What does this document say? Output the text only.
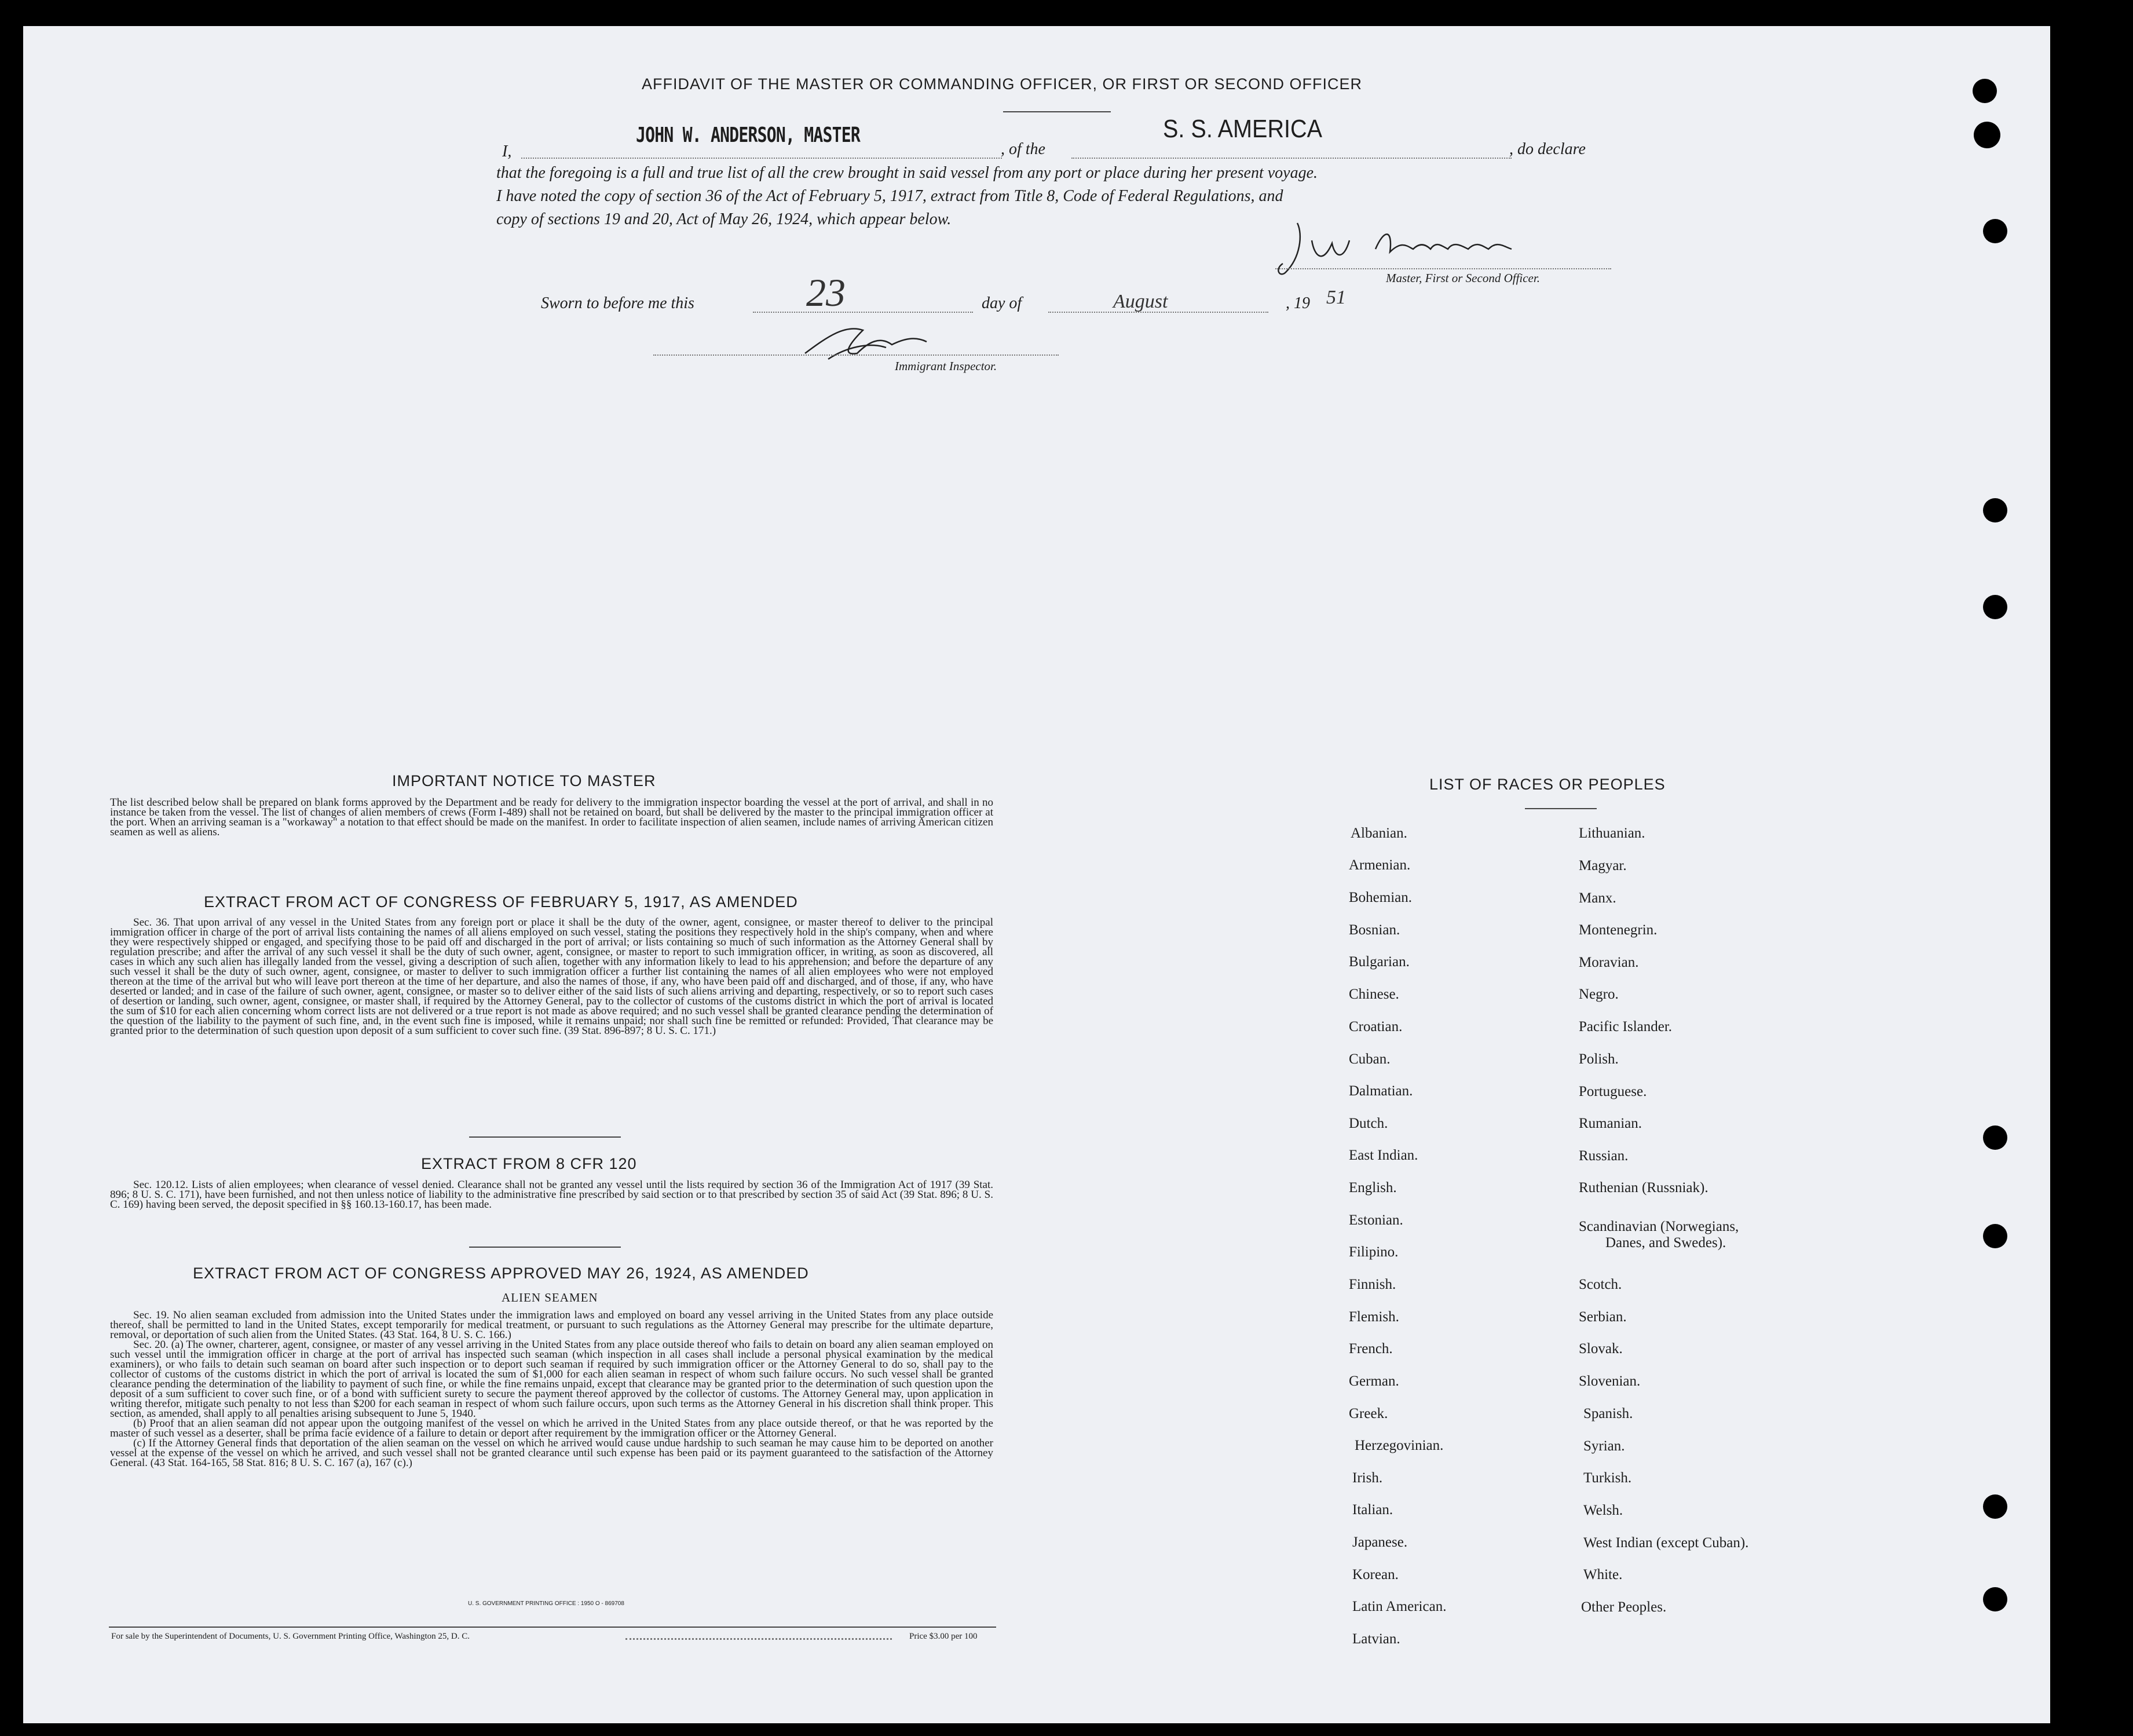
AFFIDAVIT OF THE MASTER OR COMMANDING OFFICER, OR FIRST OR SECOND OFFICER
I,
JOHN W. ANDERSON, MASTER
, of the
S. S. AMERICA
, do declare
that the foregoing is a full and true list of all the crew brought in said vessel from any port or place during her present voyage.
I have noted the copy of section 36 of the Act of February 5, 1917, extract from Title 8, Code of Federal Regulations, and
copy of sections 19 and 20, Act of May 26, 1924, which appear below.
Master, First or Second Officer.
Sworn to before me this	23	day of	August	, 19 51
Immigrant Inspector.
IMPORTANT NOTICE TO MASTER

The list described below shall be prepared on blank forms approved by the Department and be ready for delivery to the immigration inspector boarding the vessel at the port of arrival, and shall in no instance be taken from the vessel. The list of changes of alien members of crews (Form I-489) shall not be retained on board, but shall be delivered by the master to the principal immigration officer at the port. When an arriving seaman is a "workaway" a notation to that effect should be made on the manifest. In order to facilitate inspection of alien seamen, include names of arriving American citizen seamen as well as aliens.

EXTRACT FROM ACT OF CONGRESS OF FEBRUARY 5, 1917, AS AMENDED

Sec. 36. That upon arrival of any vessel in the United States from any foreign port or place it shall be the duty of the owner, agent, consignee, or master thereof to deliver to the principal immigration officer in charge of the port of arrival lists containing the names of all aliens employed on such vessel, stating the positions they respectively hold in the ship's company, when and where they were respectively shipped or engaged, and specifying those to be paid off and discharged in the port of arrival; or lists containing so much of such information as the Attorney General shall by regulation prescribe; and after the arrival of any such vessel it shall be the duty of such owner, agent, consignee, or master to report to such immigration officer, in writing, as soon as discovered, all cases in which any such alien has illegally landed from the vessel, giving a description of such alien, together with any information likely to lead to his apprehension; and before the departure of any such vessel it shall be the duty of such owner, agent, consignee, or master to deliver to such immigration officer a further list containing the names of all alien employees who were not employed thereon at the time of the arrival but who will leave port thereon at the time of her departure, and also the names of those, if any, who have been paid off and discharged, and of those, if any, who have deserted or landed; and in case of the failure of such owner, agent, consignee, or master so to deliver either of the said lists of such aliens arriving and departing, respectively, or so to report such cases of desertion or landing, such owner, agent, consignee, or master shall, if required by the Attorney General, pay to the collector of customs of the customs district in which the port of arrival is located the sum of $10 for each alien concerning whom correct lists are not delivered or a true report is not made as above required; and no such vessel shall be granted clearance pending the determination of the question of the liability to the payment of such fine, and, in the event such fine is imposed, while it remains unpaid; nor shall such fine be remitted or refunded: Provided, That clearance may be granted prior to the determination of such question upon deposit of a sum sufficient to cover such fine. (39 Stat. 896-897; 8 U. S. C. 171.)

EXTRACT FROM 8 CFR 120

Sec. 120.12. Lists of alien employees; when clearance of vessel denied. Clearance shall not be granted any vessel until the lists required by section 36 of the Immigration Act of 1917 (39 Stat. 896; 8 U. S. C. 171), have been furnished, and not then unless notice of liability to the administrative fine prescribed by said section or to that prescribed by section 35 of said Act (39 Stat. 896; 8 U. S. C. 169) having been served, the deposit specified in §§ 160.13-160.17, has been made.

EXTRACT FROM ACT OF CONGRESS APPROVED MAY 26, 1924, AS AMENDED
ALIEN SEAMEN

Sec. 19. No alien seaman excluded from admission into the United States under the immigration laws and employed on board any vessel arriving in the United States from any place outside thereof, shall be permitted to land in the United States, except temporarily for medical treatment, or pursuant to such regulations as the Attorney General may prescribe for the ultimate departure, removal, or deportation of such alien from the United States. (43 Stat. 164, 8 U. S. C. 166.)

Sec. 20. (a) The owner, charterer, agent, consignee, or master of any vessel arriving in the United States from any place outside thereof who fails to detain on board any alien seaman employed on such vessel until the immigration officer in charge at the port of arrival has inspected such seaman (which inspection in all cases shall include a personal physical examination by the medical examiners), or who fails to detain such seaman on board after such inspection or to deport such seaman if required by such immigration officer or the Attorney General to do so, shall pay to the collector of customs of the customs district in which the port of arrival is located the sum of $1,000 for each alien seaman in respect of whom such failure occurs. No such vessel shall be granted clearance pending the determination of the liability to payment of such fine, or while the fine remains unpaid, except that clearance may be granted prior to the determination of such question upon the deposit of a sum sufficient to cover such fine, or of a bond with sufficient surety to secure the payment thereof approved by the collector of customs. The Attorney General may, upon application in writing therefor, mitigate such penalty to not less than $200 for each seaman in respect of whom such failure occurs, upon such terms as the Attorney General in his discretion shall think proper. This section, as amended, shall apply to all penalties arising subsequent to June 5, 1940.

(b) Proof that an alien seaman did not appear upon the outgoing manifest of the vessel on which he arrived in the United States from any place outside thereof, or that he was reported by the master of such vessel as a deserter, shall be prima facie evidence of a failure to detain or deport after requirement by the immigration officer or the Attorney General.

(c) If the Attorney General finds that deportation of the alien seaman on the vessel on which he arrived would cause undue hardship to such seaman he may cause him to be deported on another vessel at the expense of the vessel on which he arrived, and such vessel shall not be granted clearance until such expense has been paid or its payment guaranteed to the satisfaction of the Attorney General. (43 Stat. 164-165, 58 Stat. 816; 8 U. S. C. 167 (a), 167 (c).)

U. S. GOVERNMENT PRINTING OFFICE : 1950 O - 869708
For sale by the Superintendent of Documents, U. S. Government Printing Office, Washington 25, D. C.	Price $3.00 per 100
LIST OF RACES OR PEOPLES
Albanian.
Armenian.
Bohemian.
Bosnian.
Bulgarian.
Chinese.
Croatian.
Cuban.
Dalmatian.
Dutch.
East Indian.
English.
Estonian.
Filipino.
Finnish.
Flemish.
French.
German.
Greek.
Herzegovinian.
Irish.
Italian.
Japanese.
Korean.
Latin American.
Latvian.
Lithuanian.
Magyar.
Manx.
Montenegrin.
Moravian.
Negro.
Pacific Islander.
Polish.
Portuguese.
Rumanian.
Russian.
Ruthenian (Russniak).
Scandinavian (Norwegians,
Danes, and Swedes).
Scotch.
Serbian.
Slovak.
Slovenian.
Spanish.
Syrian.
Turkish.
Welsh.
West Indian (except Cuban).
White.
Other Peoples.
